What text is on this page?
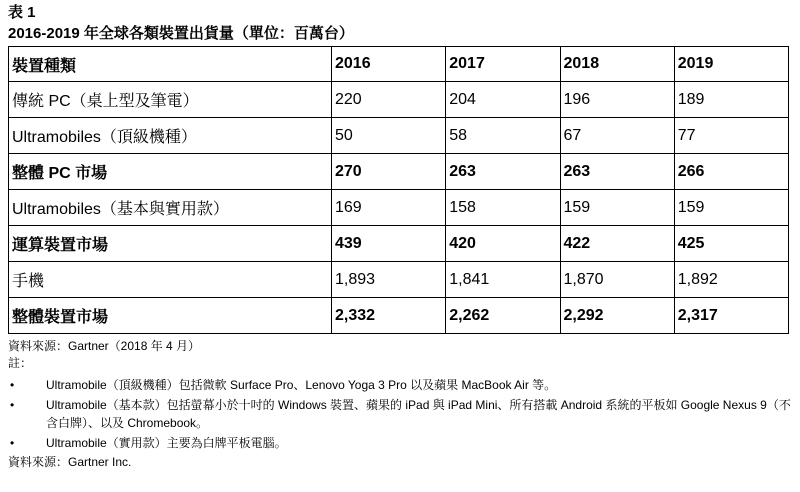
表 1
2016-2019 年全球各類裝置出貨量（單位：百萬台）
裝置種類	2016	2017	2018	2019
傳統 PC（桌上型及筆電）	220	204	196	189
Ultramobiles（頂級機種）	50	58	67	77
整體 PC 市場	270	263	263	266
Ultramobiles（基本與實用款）	169	158	159	159
運算裝置市場	439	420	422	425
手機	1,893	1,841	1,870	1,892
整體裝置市場	2,332	2,262	2,292	2,317
資料來源：Gartner（2018 年 4 月）
註：
•	Ultramobile（頂級機種）包括微軟 Surface Pro、Lenovo Yoga 3 Pro 以及蘋果 MacBook Air 等。
•	Ultramobile（基本款）包括螢幕小於十吋的 Windows 裝置、蘋果的 iPad 與 iPad Mini、所有搭載 Android 系統的平板如 Google Nexus 9（不含白牌）、以及 Chromebook。
•	Ultramobile（實用款）主要為白牌平板電腦。
資料來源：Gartner Inc.
